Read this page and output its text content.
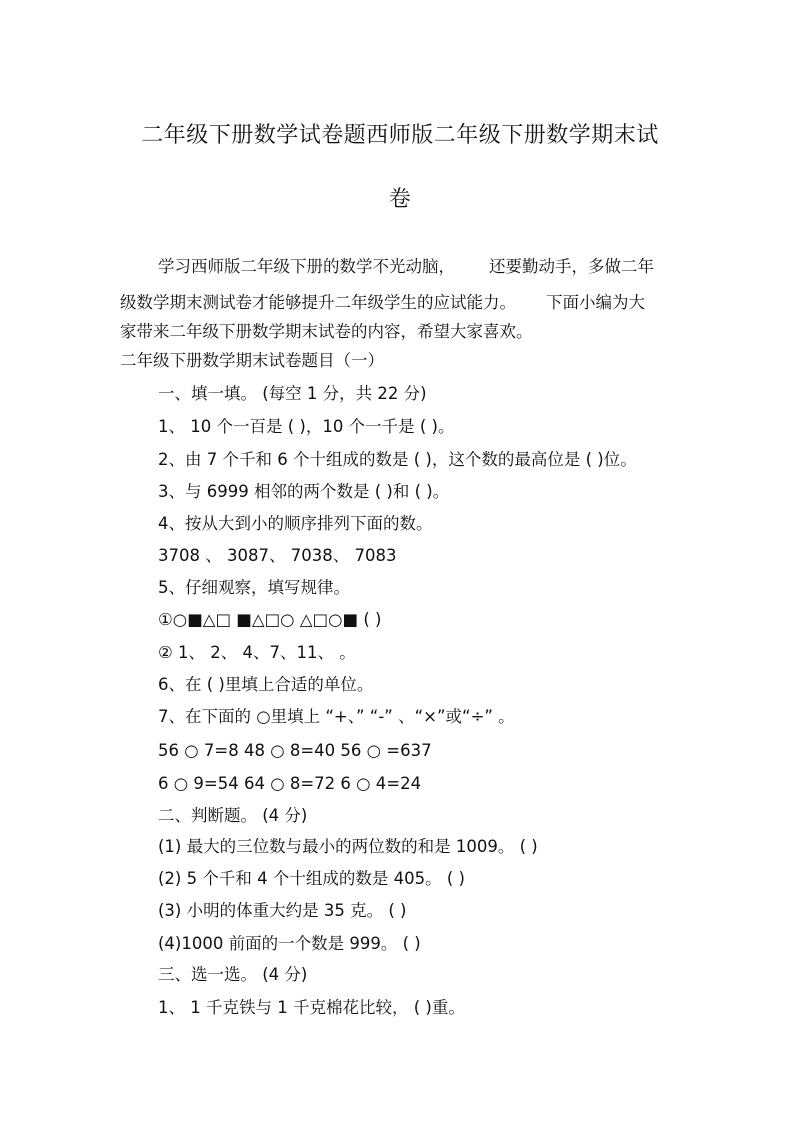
二年级下册数学试卷题西师版二年级下册数学期末试
卷
学习西师版二年级下册的数学不光动脑， 还要勤动手，多做二年
级数学期末测试卷才能够提升二年级学生的应试能力。 下面小编为大
家带来二年级下册数学期末试卷的内容，希望大家喜欢。
二年级下册数学期末试卷题目（一）
一、填一填。 (每空 1 分，共 22 分)
1、 10 个一百是 ( )，10 个一千是 ( )。
2、由 7 个千和 6 个十组成的数是 ( )，这个数的最高位是 ( )位。
3、与 6999 相邻的两个数是 ( )和 ( )。
4、按从大到小的顺序排列下面的数。
3708 、 3087、 7038、 7083
5、仔细观察，填写规律。
①○■△□ ■△□○ △□○■ ( )
② 1、 2、 4、7、11、 。
6、在 ( )里填上合适的单位。
7、在下面的 ○里填上 “+、” “-” 、“×”或“÷” 。
56 ○ 7=8 48 ○ 8=40 56 ○ =637
6 ○ 9=54 64 ○ 8=72 6 ○ 4=24
二、判断题。 (4 分)
(1) 最大的三位数与最小的两位数的和是 1009。 ( )
(2) 5 个千和 4 个十组成的数是 405。 ( )
(3) 小明的体重大约是 35 克。 ( )
(4)1000 前面的一个数是 999。 ( )
三、选一选。 (4 分)
1、 1 千克铁与 1 千克棉花比较， ( )重。
